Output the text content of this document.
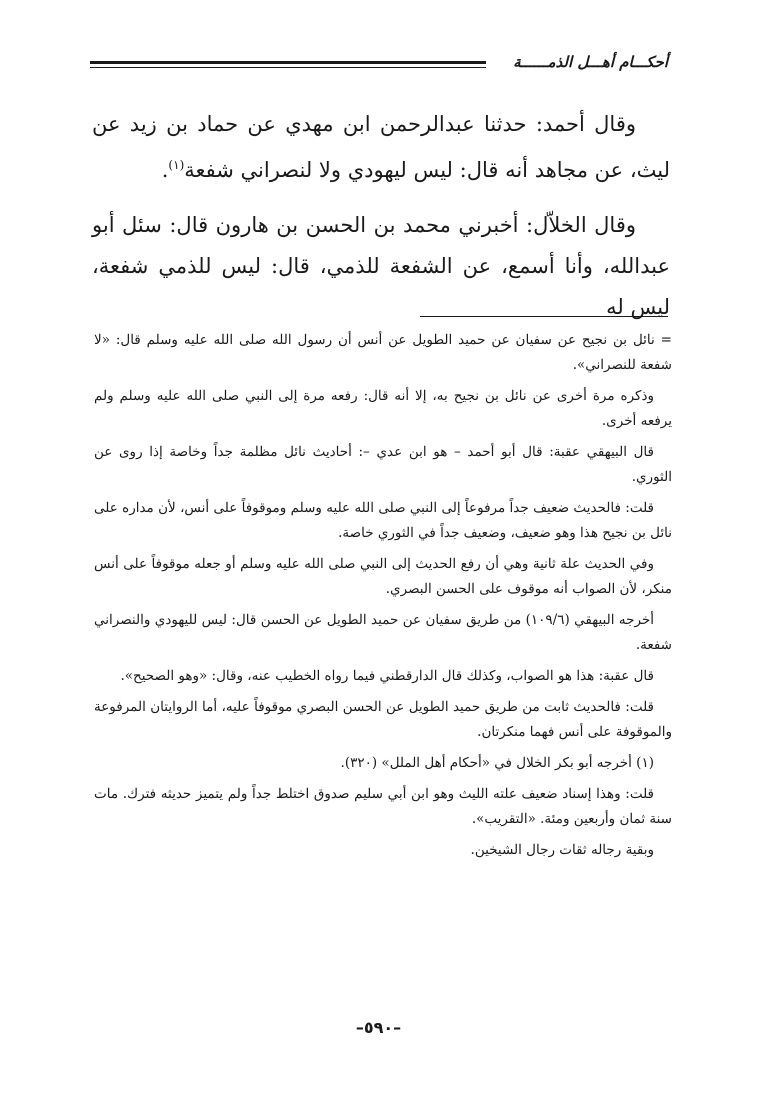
أحكـــام أهـــل الذمــــــة

وقال أحمد: حدثنا عبدالرحمن ابن مهدي عن حماد بن زيد عن ليث، عن مجاهد أنه قال: ليس ليهودي ولا لنصراني شفعة$^{(١)}$.

وقال الخلاّل: أخبرني محمد بن الحسن بن هارون قال: سئل أبو عبدالله، وأنا أسمع، عن الشفعة للذمي، قال: ليس للذمي شفعة، ليس له

= نائل بن نجيح عن سفيان عن حميد الطويل عن أنس أن رسول الله صلى الله عليه وسلم قال: «لا شفعة للنصراني».

وذكره مرة أخرى عن نائل بن نجيح به، إلا أنه قال: رفعه مرة إلى النبي صلى الله عليه وسلم ولم يرفعه أخرى.

قال البيهقي عقبة: قال أبو أحمد – هو ابن عدي –: أحاديث نائل مظلمة جداً وخاصة إذا روى عن الثوري.

قلت: فالحديث ضعيف جداً مرفوعاً إلى النبي صلى الله عليه وسلم وموقوفاً على أنس، لأن مداره على نائل بن نجيح هذا وهو ضعيف، وضعيف جداً في الثوري خاصة.

وفي الحديث علة ثانية وهي أن رفع الحديث إلى النبي صلى الله عليه وسلم أو جعله موقوفاً على أنس منكر، لأن الصواب أنه موقوف على الحسن البصري.

أخرجه البيهقي (١٠٩/٦) من طريق سفيان عن حميد الطويل عن الحسن قال: ليس لليهودي والنصراني شفعة.

قال عقبة: هذا هو الصواب، وكذلك قال الدارقطني فيما رواه الخطيب عنه، وقال: «وهو الصحيح».

قلت: فالحديث ثابت من طريق حميد الطويل عن الحسن البصري موقوفاً عليه، أما الروايتان المرفوعة والموقوفة على أنس فهما منكرتان.

(١) أخرجه أبو بكر الخلال في «أحكام أهل الملل» (٣٢٠).

قلت: وهذا إسناد ضعيف علته الليث وهو ابن أبي سليم صدوق اختلط جداً ولم يتميز حديثه فترك. مات سنة ثمان وأربعين ومئة. «التقريب».

وبقية رجاله ثقات رجال الشيخين.

–٥٩٠–
